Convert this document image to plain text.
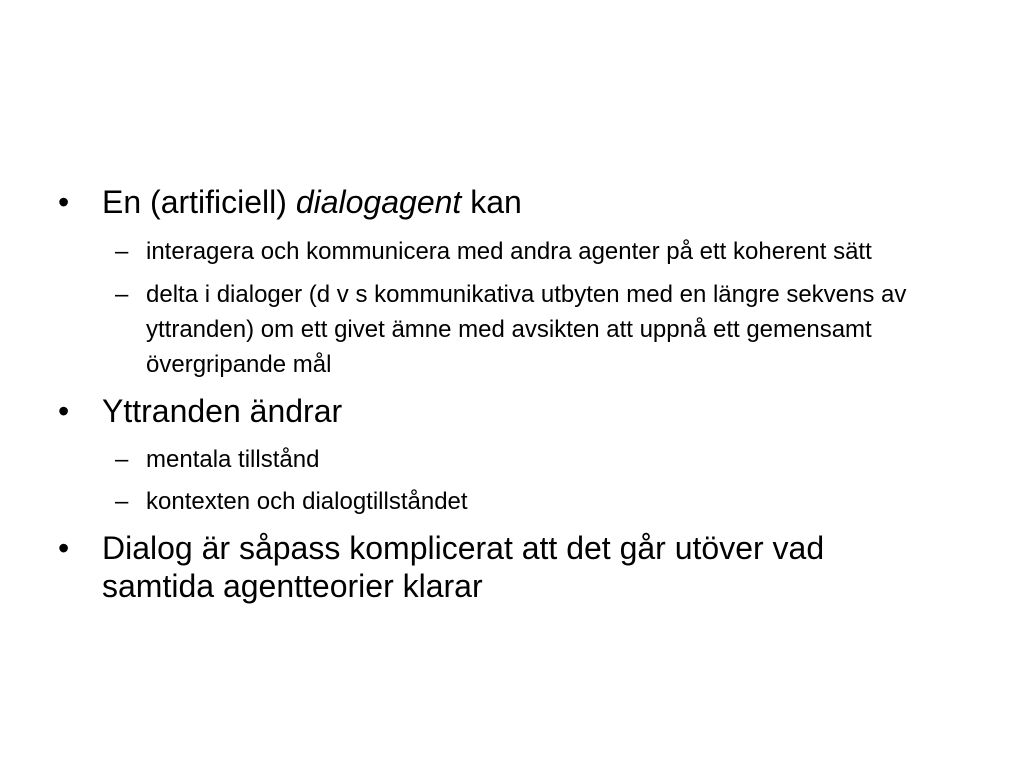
•	En (artificiell) dialogagent kan
– interagera och kommunicera med andra agenter på ett koherent sätt
– delta i dialoger (d v s kommunikativa utbyten med en längre sekvens av yttranden) om ett givet ämne med avsikten att uppnå ett gemensamt övergripande mål
•	Yttranden ändrar
– mentala tillstånd
– kontexten och dialogtillståndet
•	Dialog är såpass komplicerat att det går utöver vad samtida agentteorier klarar
